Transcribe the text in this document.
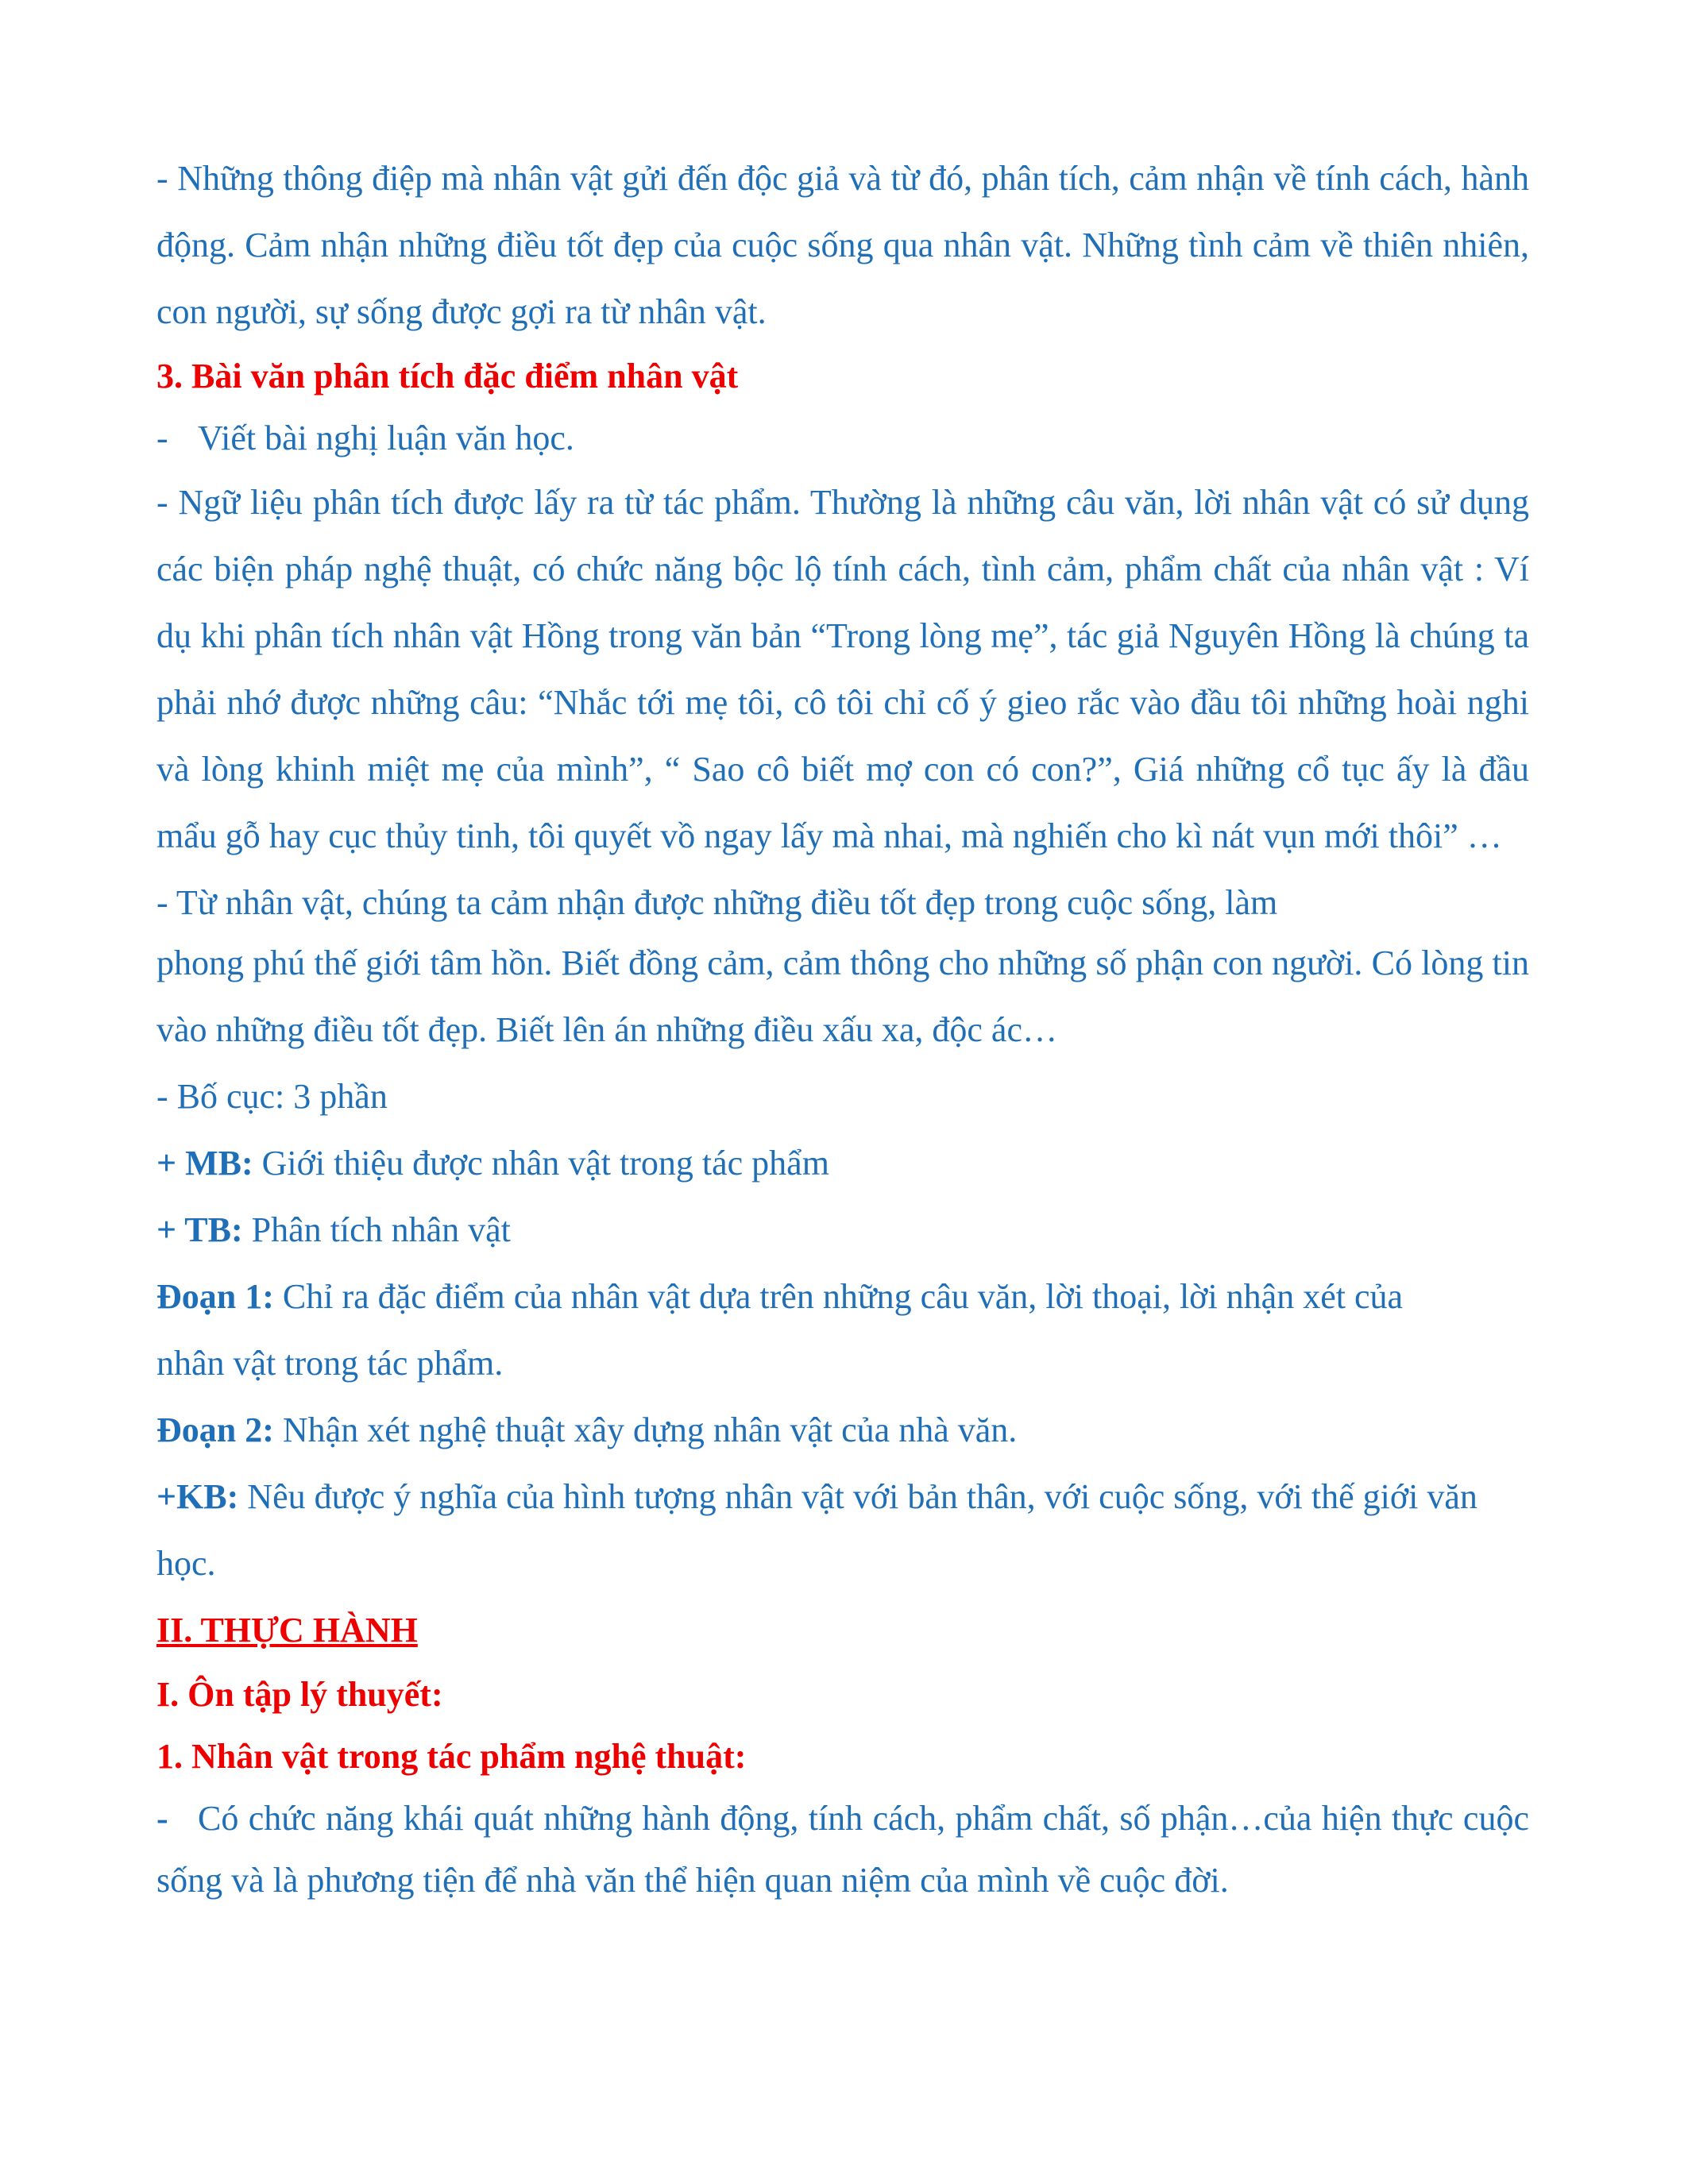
- Những thông điệp mà nhân vật gửi đến độc giả và từ đó, phân tích, cảm nhận về tính cách, hành động. Cảm nhận những điều tốt đẹp của cuộc sống qua nhân vật. Những tình cảm về thiên nhiên, con người, sự sống được gợi ra từ nhân vật.

3. Bài văn phân tích đặc điểm nhân vật

- Viết bài nghị luận văn học.

- Ngữ liệu phân tích được lấy ra từ tác phẩm. Thường là những câu văn, lời nhân vật có sử dụng các biện pháp nghệ thuật, có chức năng bộc lộ tính cách, tình cảm, phẩm chất của nhân vật : Ví dụ khi phân tích nhân vật Hồng trong văn bản “Trong lòng mẹ”, tác giả Nguyên Hồng là chúng ta phải nhớ được những câu: “Nhắc tới mẹ tôi, cô tôi chỉ cố ý gieo rắc vào đầu tôi những hoài nghi và lòng khinh miệt mẹ của mình”, “ Sao cô biết mợ con có con?”, Giá những cổ tục ấy là đầu mẩu gỗ hay cục thủy tinh, tôi quyết vồ ngay lấy mà nhai, mà nghiến cho kì nát vụn mới thôi” …

- Từ nhân vật, chúng ta cảm nhận được những điều tốt đẹp trong cuộc sống, làm

phong phú thế giới tâm hồn. Biết đồng cảm, cảm thông cho những số phận con người. Có lòng tin vào những điều tốt đẹp. Biết lên án những điều xấu xa, độc ác…

- Bố cục: 3 phần

+ MB: Giới thiệu được nhân vật trong tác phẩm

+ TB: Phân tích nhân vật

Đoạn 1: Chỉ ra đặc điểm của nhân vật dựa trên những câu văn, lời thoại, lời nhận xét của nhân vật trong tác phẩm.

Đoạn 2: Nhận xét nghệ thuật xây dựng nhân vật của nhà văn.

+KB: Nêu được ý nghĩa của hình tượng nhân vật với bản thân, với cuộc sống, với thế giới văn học.

II. THỰC HÀNH

I. Ôn tập lý thuyết:

1. Nhân vật trong tác phẩm nghệ thuật:

- Có chức năng khái quát những hành động, tính cách, phẩm chất, số phận…của hiện thực cuộc sống và là phương tiện để nhà văn thể hiện quan niệm của mình về cuộc đời.
